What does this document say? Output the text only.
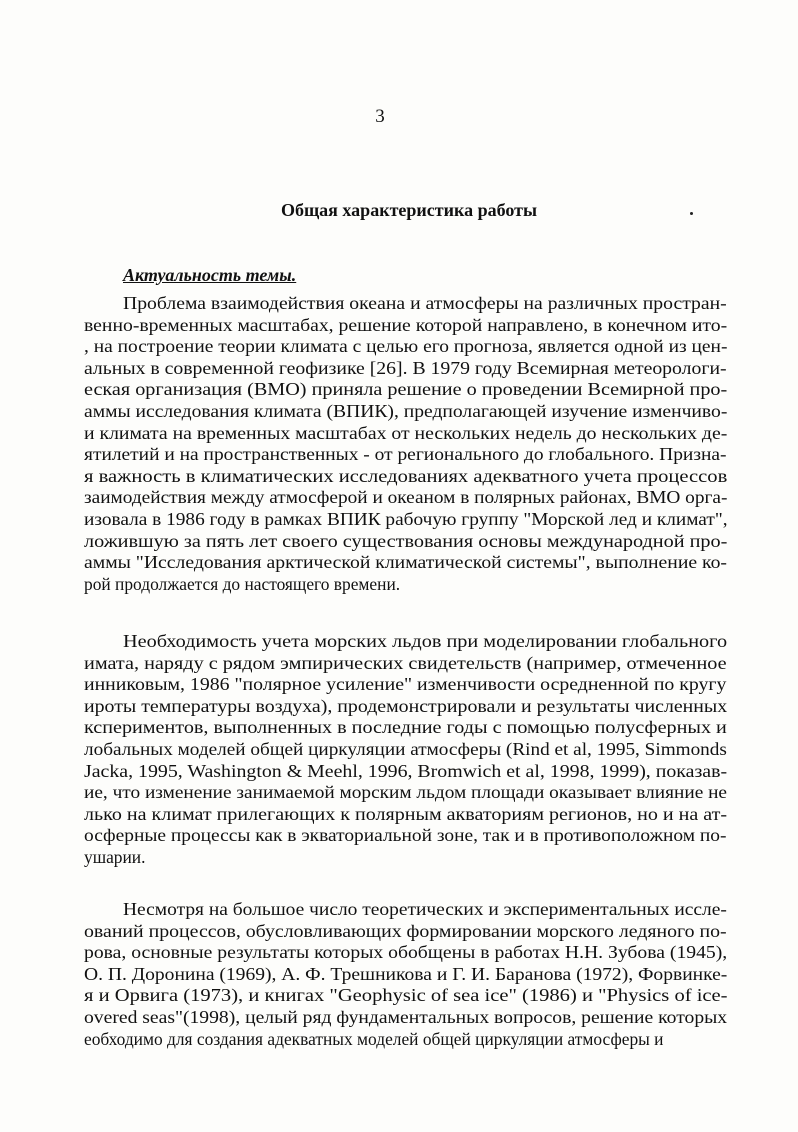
3
Общая характеристика работы
Актуальность темы.
Проблема взаимодействия океана и атмосферы на различных простран-
венно-временных масштабах, решение которой направлено, в конечном ито-
, на построение теории климата с целью его прогноза, является одной из цен-
альных в современной геофизике [26]. В 1979 году Всемирная метеорологи-
еская организация (ВМО) приняла решение о проведении Всемирной про-
аммы исследования климата (ВПИК), предполагающей изучение изменчиво-
и климата на временных масштабах от нескольких недель до нескольких де-
ятилетий и на пространственных - от регионального до глобального. Призна-
я важность в климатических исследованиях адекватного учета процессов
заимодействия между атмосферой и океаном в полярных районах, ВМО орга-
изовала в 1986 году в рамках ВПИК рабочую группу "Морской лед и климат",
ложившую за пять лет своего существования основы международной про-
аммы "Исследования арктической климатической системы", выполнение ко-
рой продолжается до настоящего времени.
Необходимость учета морских льдов при моделировании глобального
имата, наряду с рядом эмпирических свидетельств (например, отмеченное
инниковым, 1986 "полярное усиление" изменчивости осредненной по кругу
ироты температуры воздуха), продемонстрировали и результаты численных
кспериментов, выполненных в последние годы с помощью полусферных и
лобальных моделей общей циркуляции атмосферы (Rind et al, 1995, Simmonds
Jacka, 1995, Washington & Meehl, 1996, Bromwich et al, 1998, 1999), показав-
ие, что изменение занимаемой морским льдом площади оказывает влияние не
лько на климат прилегающих к полярным акваториям регионов, но и на ат-
осферные процессы как в экваториальной зоне, так и в противоположном по-
ушарии.
Несмотря на большое число теоретических и экспериментальных иссле-
ований процессов, обусловливающих формировании морского ледяного по-
рова, основные результаты которых обобщены в работах Н.Н. Зубова (1945),
О. П. Доронина (1969), А. Ф. Трешникова и Г. И. Баранова (1972), Форвинке-
я и Орвига (1973), и книгах "Geophysic of sea ice" (1986) и "Physics of ice-
overed seas"(1998), целый ряд фундаментальных вопросов, решение которых
еобходимо для создания адекватных моделей общей циркуляции атмосферы и
